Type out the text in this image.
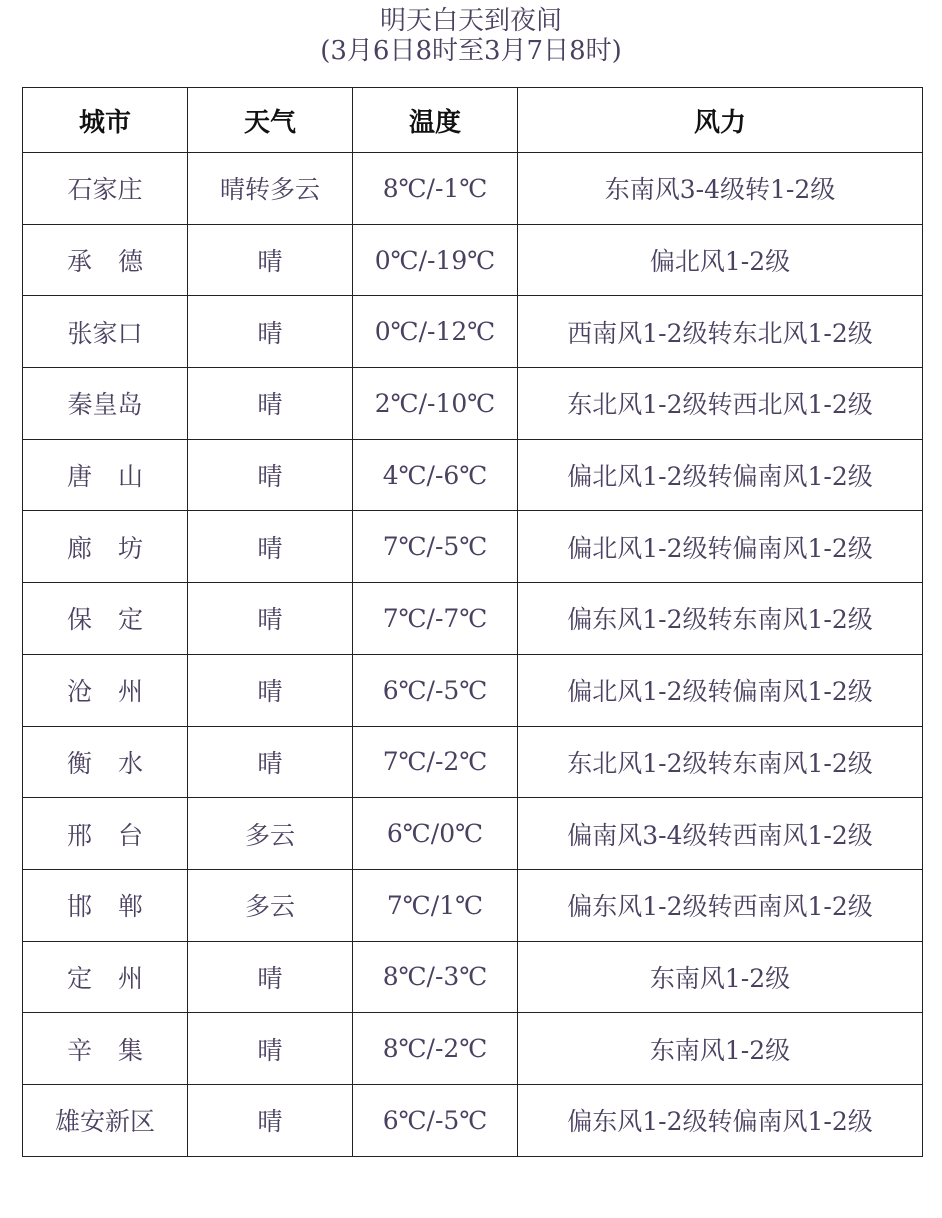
明天白天到夜间
(3月6日8时至3月7日8时)
城市	天气	温度	风力
石家庄	晴转多云	8℃/-1℃	东南风3-4级转1-2级
承 德	晴	0℃/-19℃	偏北风1-2级
张家口	晴	0℃/-12℃	西南风1-2级转东北风1-2级
秦皇岛	晴	2℃/-10℃	东北风1-2级转西北风1-2级
唐 山	晴	4℃/-6℃	偏北风1-2级转偏南风1-2级
廊 坊	晴	7℃/-5℃	偏北风1-2级转偏南风1-2级
保 定	晴	7℃/-7℃	偏东风1-2级转东南风1-2级
沧 州	晴	6℃/-5℃	偏北风1-2级转偏南风1-2级
衡 水	晴	7℃/-2℃	东北风1-2级转东南风1-2级
邢 台	多云	6℃/0℃	偏南风3-4级转西南风1-2级
邯 郸	多云	7℃/1℃	偏东风1-2级转西南风1-2级
定 州	晴	8℃/-3℃	东南风1-2级
辛 集	晴	8℃/-2℃	东南风1-2级
雄安新区	晴	6℃/-5℃	偏东风1-2级转偏南风1-2级
